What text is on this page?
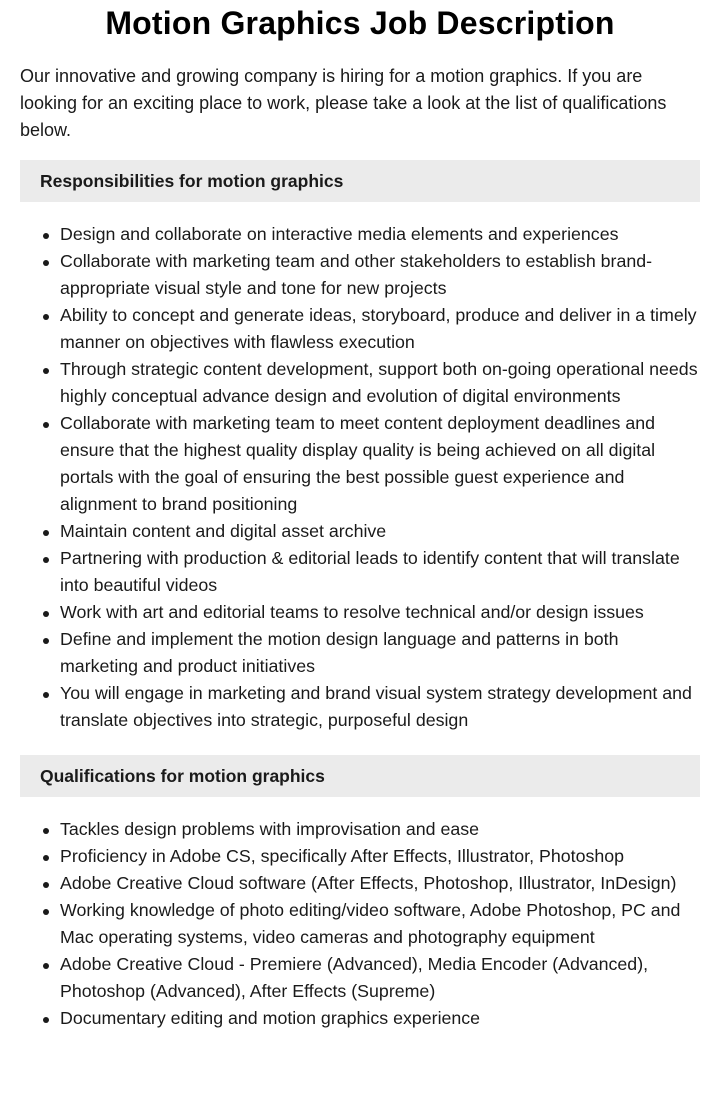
Motion Graphics Job Description

Our innovative and growing company is hiring for a motion graphics. If you are looking for an exciting place to work, please take a look at the list of qualifications below.

Responsibilities for motion graphics
Design and collaborate on interactive media elements and experiences
Collaborate with marketing team and other stakeholders to establish brand-appropriate visual style and tone for new projects
Ability to concept and generate ideas, storyboard, produce and deliver in a timely manner on objectives with flawless execution
Through strategic content development, support both on-going operational needs highly conceptual advance design and evolution of digital environments
Collaborate with marketing team to meet content deployment deadlines and ensure that the highest quality display quality is being achieved on all digital portals with the goal of ensuring the best possible guest experience and alignment to brand positioning
Maintain content and digital asset archive
Partnering with production & editorial leads to identify content that will translate into beautiful videos
Work with art and editorial teams to resolve technical and/or design issues
Define and implement the motion design language and patterns in both marketing and product initiatives
You will engage in marketing and brand visual system strategy development and translate objectives into strategic, purposeful design
Qualifications for motion graphics
Tackles design problems with improvisation and ease
Proficiency in Adobe CS, specifically After Effects, Illustrator, Photoshop
Adobe Creative Cloud software (After Effects, Photoshop, Illustrator, InDesign)
Working knowledge of photo editing/video software, Adobe Photoshop, PC and Mac operating systems, video cameras and photography equipment
Adobe Creative Cloud - Premiere (Advanced), Media Encoder (Advanced), Photoshop (Advanced), After Effects (Supreme)
Documentary editing and motion graphics experience
